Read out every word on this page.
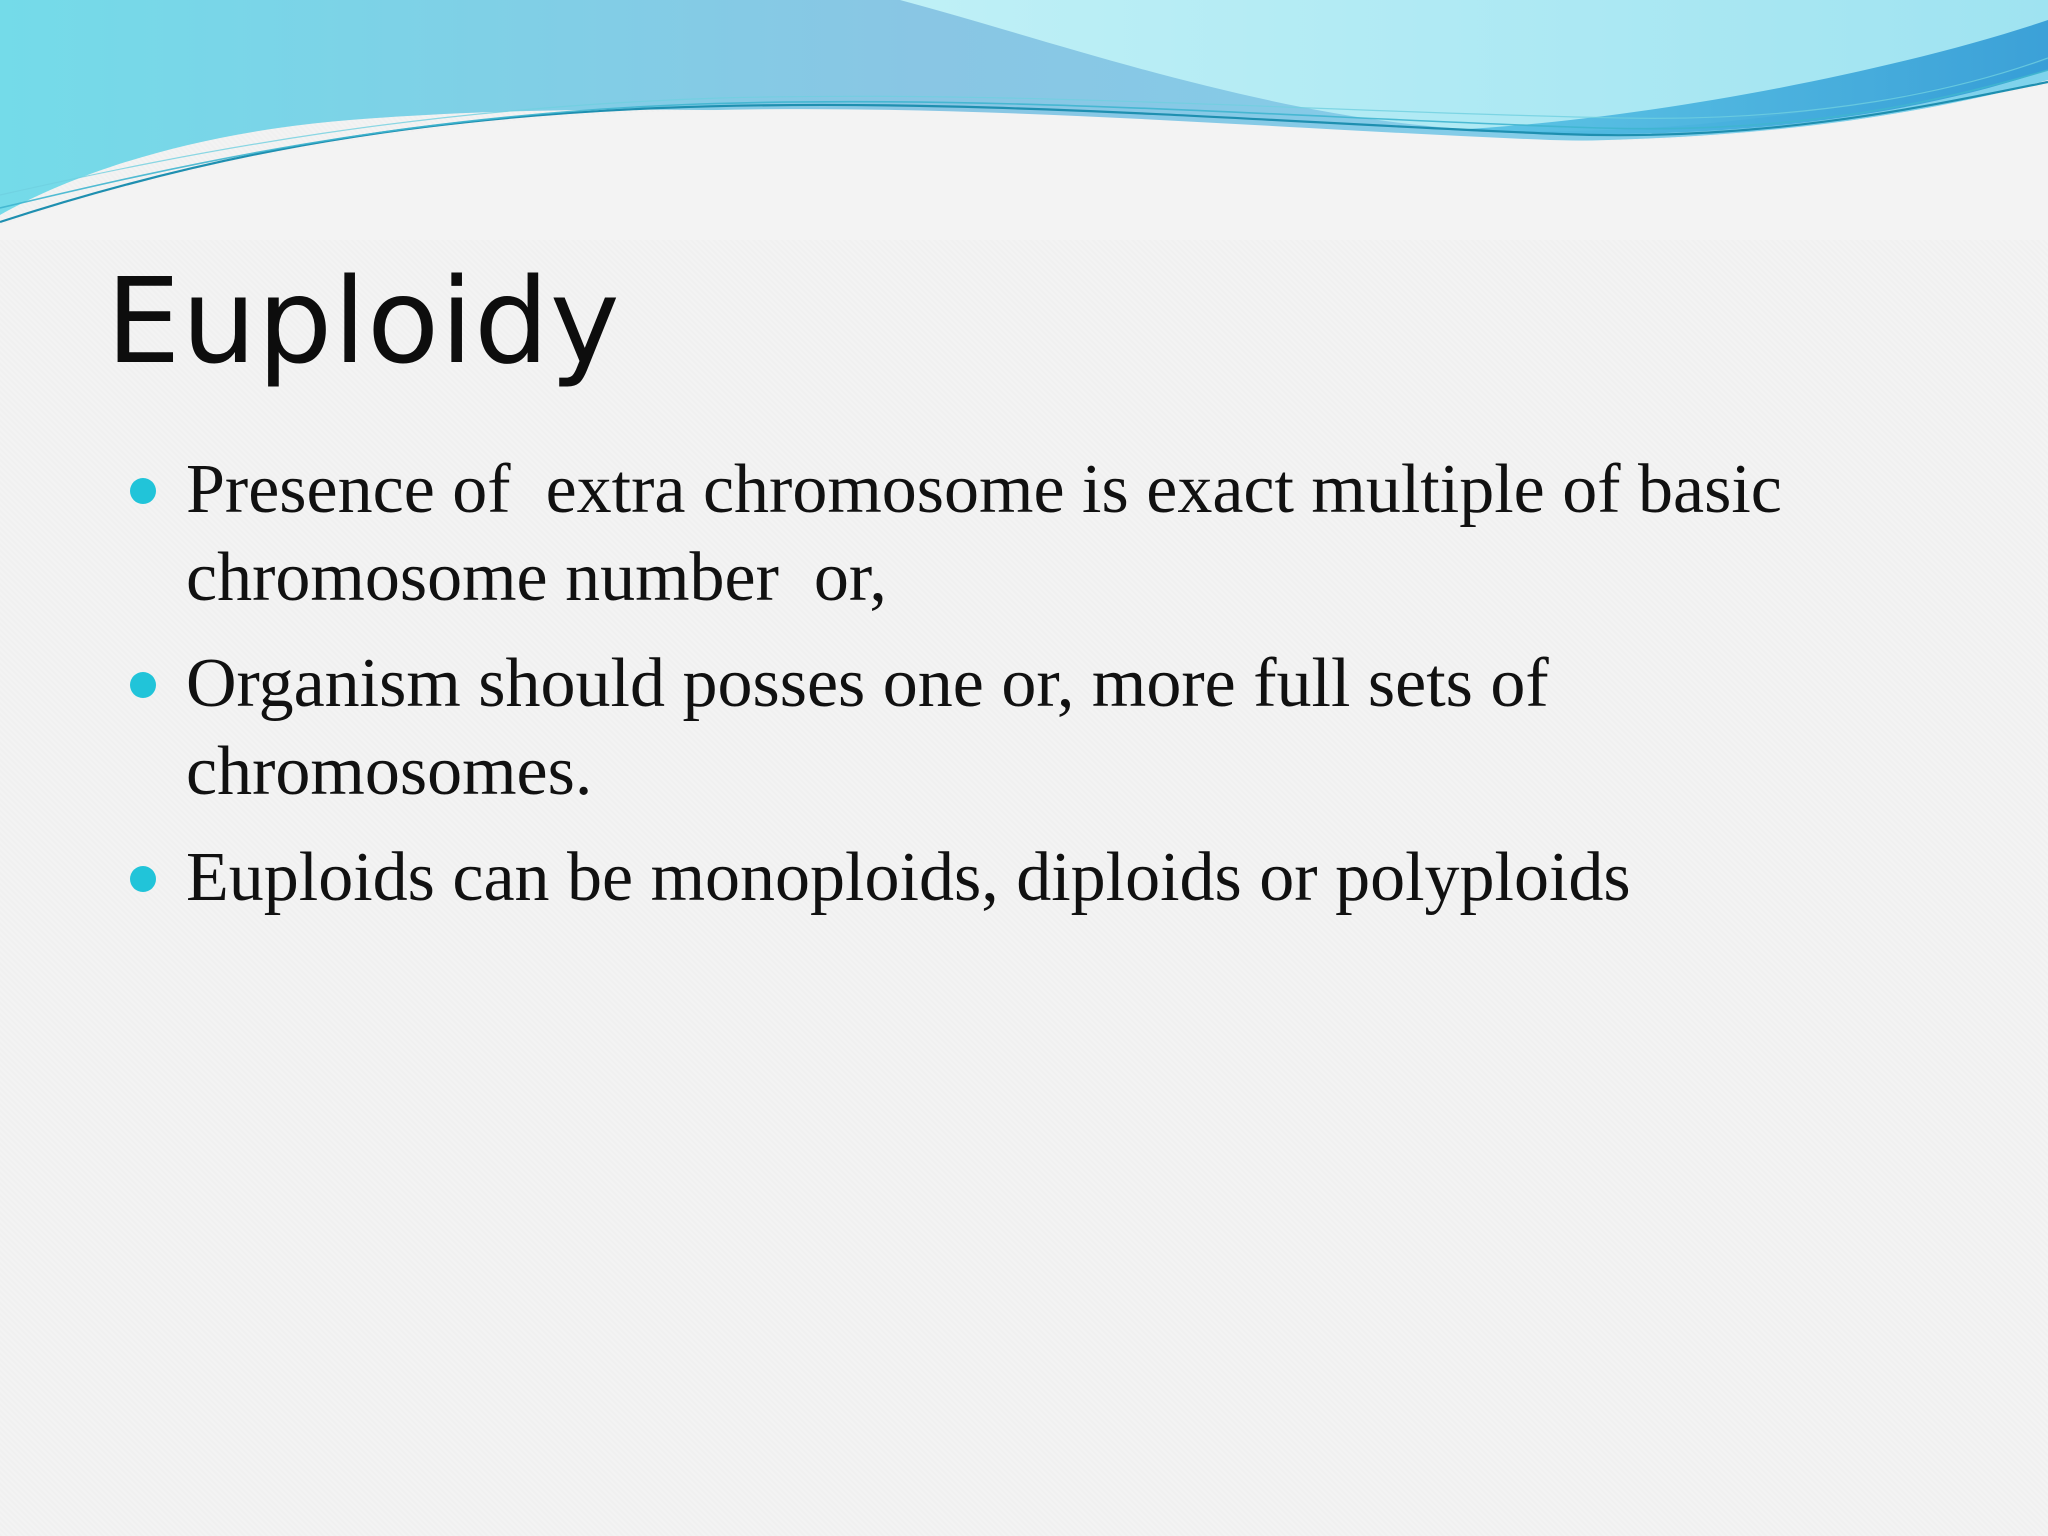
Euploidy
Presence of  extra chromosome is exact multiple of basic chromosome number  or,
Organism should posses one or, more full sets of chromosomes.
Euploids can be monoploids, diploids or polyploids
